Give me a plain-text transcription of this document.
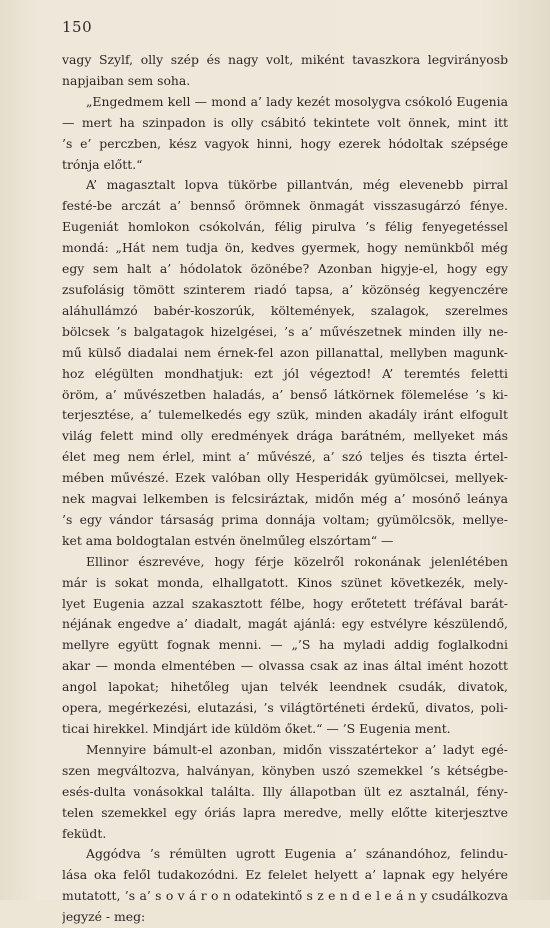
150
vagy Szylf, olly szép és nagy volt, miként tavaszkora legvirányosb
napjaiban sem soha.
„Engedmem kell — mond a’ lady kezét mosolygva csókoló Eugenia
— mert ha szinpadon is olly csábitó tekintete volt önnek, mint itt
’s e’ perczben, kész vagyok hinni, hogy ezerek hódoltak szépsége
trónja előtt.“
A’ magasztalt lopva tükörbe pillantván, még elevenebb pirral
festé-be arczát a’ bennső örömnek önmagát visszasugárzó fénye.
Eugeniát homlokon csókolván, félig pirulva ’s félig fenyegetéssel
mondá: „Hát nem tudja ön, kedves gyermek, hogy nemünkből még
egy sem halt a’ hódolatok özönébe? Azonban higyje-el, hogy egy
zsufolásig tömött szinterem riadó tapsa, a’ közönség kegyenczére
aláhullámzó babér-koszorúk, költemények, szalagok, szerelmes
bölcsek ’s balgatagok hizelgései, ’s a’ művészetnek minden illy ne-
mű külső diadalai nem érnek-fel azon pillanattal, mellyben magunk-
hoz elégülten mondhatjuk: ezt jól végeztod! A’ teremtés feletti
öröm, a’ művészetben haladás, a’ benső látkörnek fölemelése ’s ki-
terjesztése, a’ tulemelkedés egy szük, minden akadály iránt elfogult
világ felett mind olly eredmények drága barátném, mellyeket más
élet meg nem érlel, mint a’ művészé, a’ szó teljes és tiszta értel-
mében művészé. Ezek valóban olly Hesperidák gyümölcsei, mellyek-
nek magvai lelkemben is felcsiráztak, midőn még a’ mosónő leánya
’s egy vándor társaság prima donnája voltam; gyümölcsök, mellye-
ket ama boldogtalan estvén önelműleg elszórtam“ —
Ellinor észrevéve, hogy férje közelről rokonának jelenlétében
már is sokat monda, elhallgatott. Kinos szünet következék, mely-
lyet Eugenia azzal szakasztott félbe, hogy erőtetett tréfával barát-
néjának engedve a’ diadalt, magát ajánlá: egy estvélyre készülendő,
mellyre együtt fognak menni. — „’S ha myladi addig foglalkodni
akar — monda elmentében — olvassa csak az inas által imént hozott
angol lapokat; hihetőleg ujan telvék leendnek csudák, divatok,
opera, megérkezési, elutazási, ’s világtörténeti érdekű, divatos, poli-
ticai hirekkel. Mindjárt ide küldöm őket.“ — ’S Eugenia ment.
Mennyire bámult-el azonban, midőn visszatértekor a’ ladyt egé-
szen megváltozva, halványan, könyben uszó szemekkel ’s kétségbe-
esés-dulta vonásokkal találta. Illy állapotban ült ez asztalnál, fény-
telen szemekkel egy óriás lapra meredve, melly előtte kiterjesztve
feküdt.
Aggódva ’s rémülten ugrott Eugenia a’ szánandóhoz, felindu-
lása oka felől tudakozódni. Ez felelet helyett a’ lapnak egy helyére
mutatott, ’s a’ s o v á r o n odatekintő s z e n d e l e á n y csudálkozva
jegyzé - meg:
